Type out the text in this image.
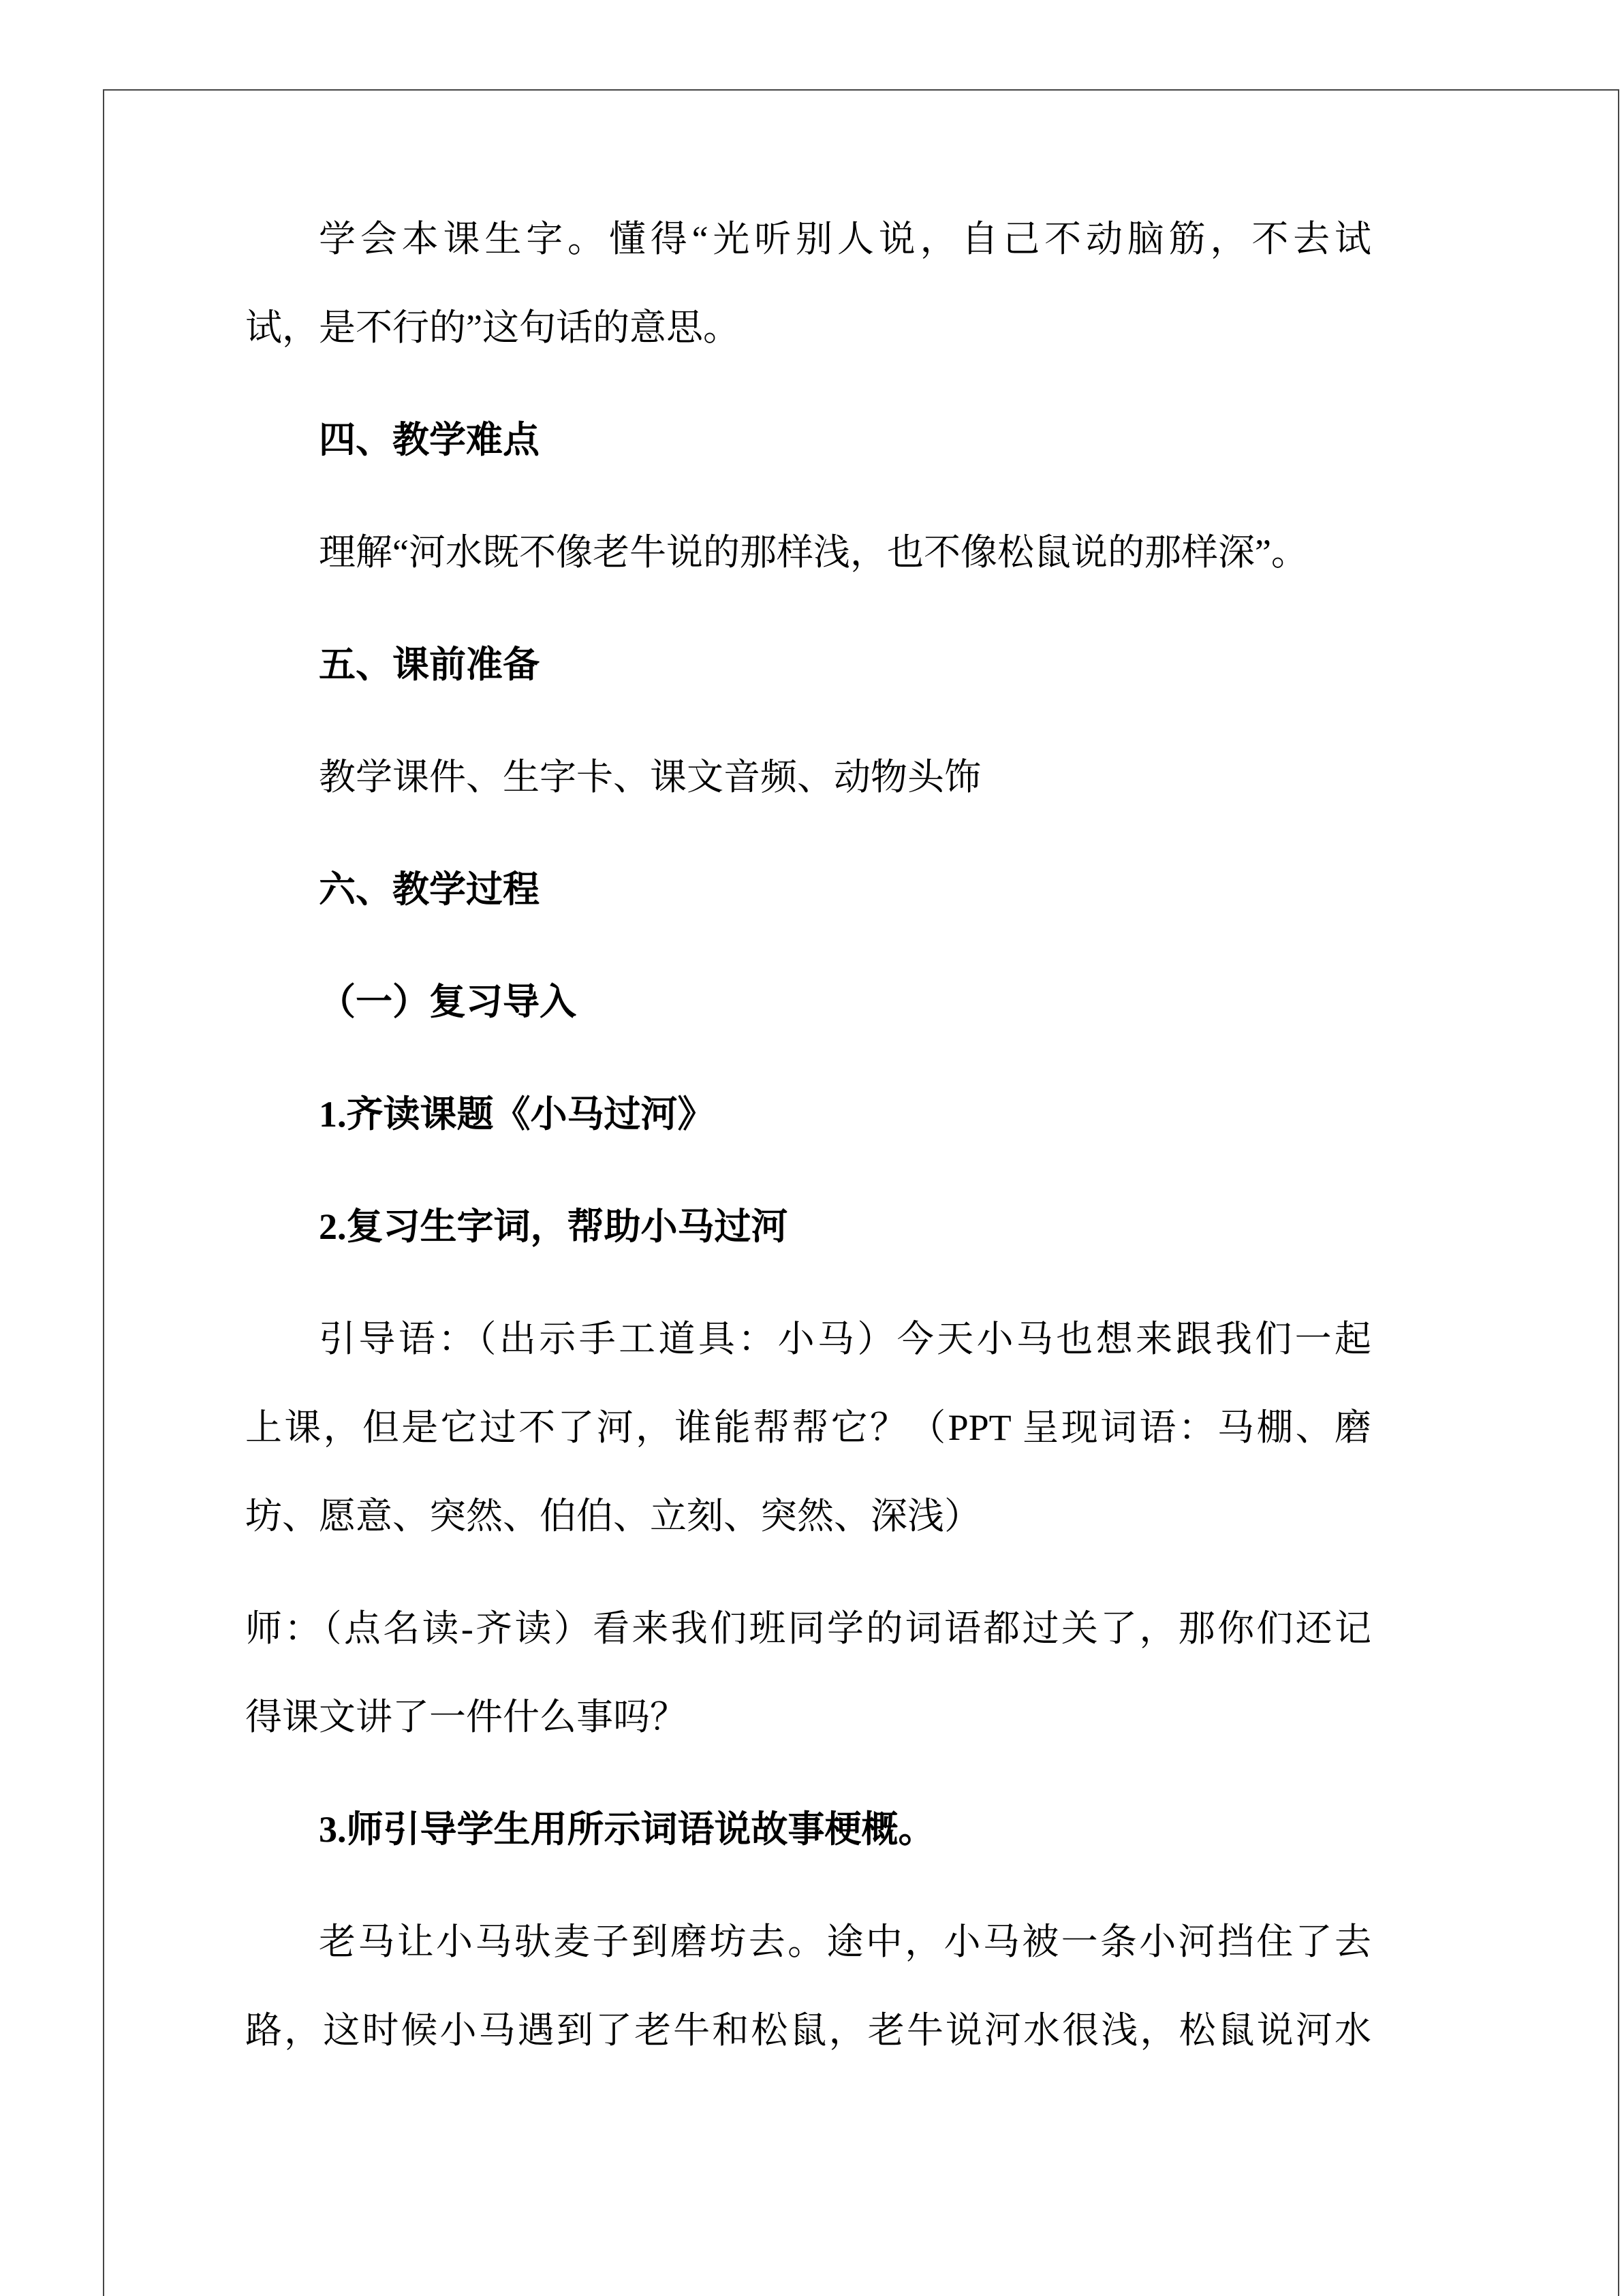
学会本课生字。懂得“光听别人说，自己不动脑筋，不去试
试，是不行的”这句话的意思。
四、教学难点
理解“河水既不像老牛说的那样浅，也不像松鼠说的那样深”。
五、课前准备
教学课件、生字卡、课文音频、动物头饰
六、教学过程
（一）复习导入
1.齐读课题《小马过河》
2.复习生字词，帮助小马过河
引导语：（出示手工道具：小马）今天小马也想来跟我们一起
上课，但是它过不了河，谁能帮帮它？（PPT 呈现词语：马棚、磨
坊、愿意、突然、伯伯、立刻、突然、深浅）
师：（点名读-齐读）看来我们班同学的词语都过关了，那你们还记
得课文讲了一件什么事吗？
3.师引导学生用所示词语说故事梗概。
老马让小马驮麦子到磨坊去。途中，小马被一条小河挡住了去
路，这时候小马遇到了老牛和松鼠，老牛说河水很浅，松鼠说河水
